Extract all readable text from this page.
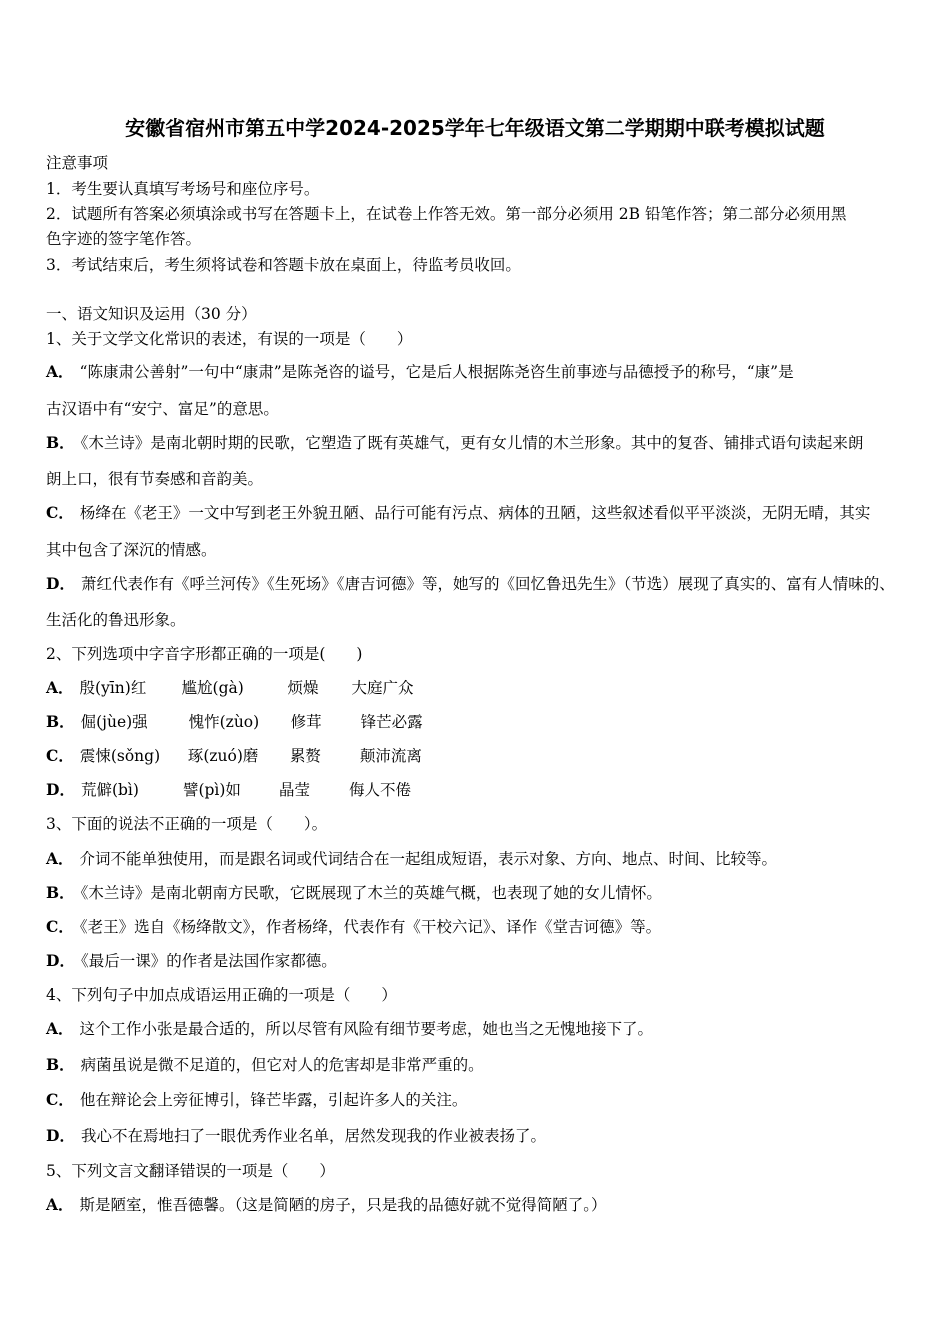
安徽省宿州市第五中学2024-2025学年七年级语文第二学期期中联考模拟试题
注意事项
1．考生要认真填写考场号和座位序号。
2．试题所有答案必须填涂或书写在答题卡上，在试卷上作答无效。第一部分必须用 2B 铅笔作答；第二部分必须用黑
色字迹的签字笔作答。
3．考试结束后，考生须将试卷和答题卡放在桌面上，待监考员收回。
一、语文知识及运用（30 分）
1、关于文学文化常识的表述，有误的一项是（　　）
A． “陈康肃公善射”一句中“康肃”是陈尧咨的谥号，它是后人根据陈尧咨生前事迹与品德授予的称号，“康”是
古汉语中有“安宁、富足”的意思。
B． 《木兰诗》是南北朝时期的民歌，它塑造了既有英雄气，更有女儿情的木兰形象。其中的复沓、铺排式语句读起来朗
朗上口，很有节奏感和音韵美。
C． 杨绛在《老王》一文中写到老王外貌丑陋、品行可能有污点、病体的丑陋，这些叙述看似平平淡淡，无阴无晴，其实
其中包含了深沉的情感。
D． 萧红代表作有《呼兰河传》《生死场》《唐吉诃德》等，她写的《回忆鲁迅先生》（节选）展现了真实的、富有人情味的、
生活化的鲁迅形象。
2、下列选项中字音字形都正确的一项是(　　)
A． 殷(yīn)红 尴尬(gà)	烦燥 大庭广众
B． 倔(jùe)强	愧怍(zùo) 修茸	锋芒必露
C． 震悚(sǒng) 琢(zuó)磨 累赘	颠沛流离
D． 荒僻(bì)	譬(pì)如 晶莹	侮人不倦
3、下面的说法不正确的一项是（　　）。
A． 介词不能单独使用，而是跟名词或代词结合在一起组成短语，表示对象、方向、地点、时间、比较等。
B． 《木兰诗》是南北朝南方民歌，它既展现了木兰的英雄气概，也表现了她的女儿情怀。
C． 《老王》选自《杨绛散文》，作者杨绛，代表作有《干校六记》、译作《堂吉诃德》等。
D． 《最后一课》的作者是法国作家都德。
4、下列句子中加点成语运用正确的一项是（　　）
A． 这个工作小张是最合适的，所以尽管有风险有细节要考虑，她也当之无愧地接下了。
B． 病菌虽说是微不足道的，但它对人的危害却是非常严重的。
C． 他在辩论会上旁征博引，锋芒毕露，引起许多人的关注。
D． 我心不在焉地扫了一眼优秀作业名单，居然发现我的作业被表扬了。
5、下列文言文翻译错误的一项是（　　）
A． 斯是陋室，惟吾德馨。（这是简陋的房子，只是我的品德好就不觉得简陋了。）
